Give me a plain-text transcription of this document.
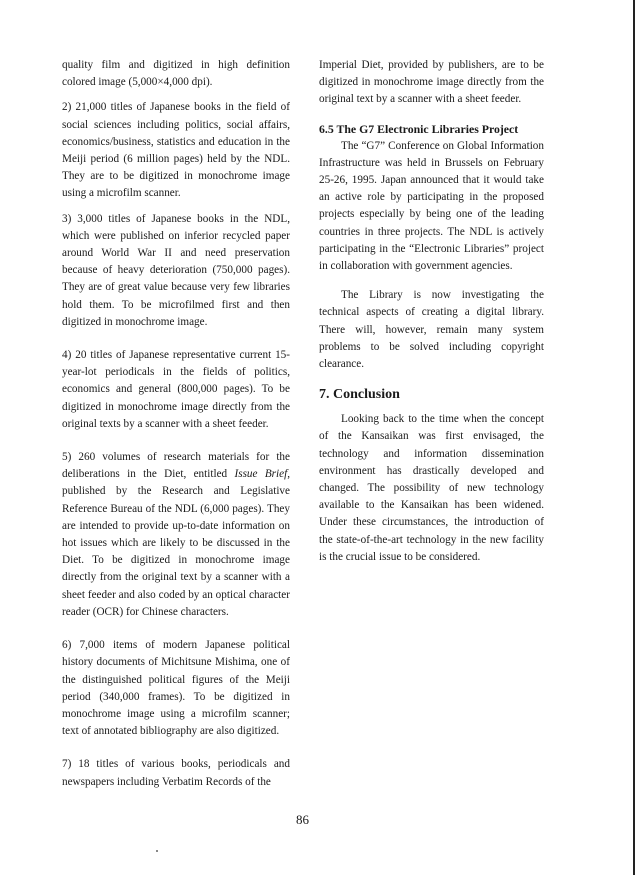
quality film and digitized in high definition colored image (5,000×4,000 dpi).

2) 21,000 titles of Japanese books in the field of social sciences including politics, social affairs, economics/business, statistics and education in the Meiji period (6 million pages) held by the NDL. They are to be digitized in monochrome image using a microfilm scanner.

3) 3,000 titles of Japanese books in the NDL, which were published on inferior recycled paper around World War II and need preservation because of heavy deterioration (750,000 pages). They are of great value because very few libraries hold them. To be microfilmed first and then digitized in monochrome image.

4) 20 titles of Japanese representative current 15-year-lot periodicals in the fields of politics, economics and general (800,000 pages). To be digitized in monochrome image directly from the original texts by a scanner with a sheet feeder.

5) 260 volumes of research materials for the deliberations in the Diet, entitled Issue Brief, published by the Research and Legislative Reference Bureau of the NDL (6,000 pages). They are intended to provide up-to-date information on hot issues which are likely to be discussed in the Diet. To be digitized in monochrome image directly from the original text by a scanner with a sheet feeder and also coded by an optical character reader (OCR) for Chinese characters.

6) 7,000 items of modern Japanese political history documents of Michitsune Mishima, one of the distinguished political figures of the Meiji period (340,000 frames). To be digitized in monochrome image using a microfilm scanner; text of annotated bibliography are also digitized.

7) 18 titles of various books, periodicals and newspapers including Verbatim Records of the

Imperial Diet, provided by publishers, are to be digitized in monochrome image directly from the original text by a scanner with a sheet feeder.

6.5 The G7 Electronic Libraries Project

The “G7” Conference on Global Information Infrastructure was held in Brussels on February 25-26, 1995. Japan announced that it would take an active role by participating in the proposed projects especially by being one of the leading countries in three projects. The NDL is actively participating in the “Electronic Libraries” project in collaboration with government agencies.

The Library is now investigating the technical aspects of creating a digital library. There will, however, remain many system problems to be solved including copyright clearance.

7. Conclusion

Looking back to the time when the concept of the Kansaikan was first envisaged, the technology and information dissemination environment has drastically developed and changed. The possibility of new technology available to the Kansaikan has been widened. Under these circumstances, the introduction of the state-of-the-art technology in the new facility is the crucial issue to be considered.

86
